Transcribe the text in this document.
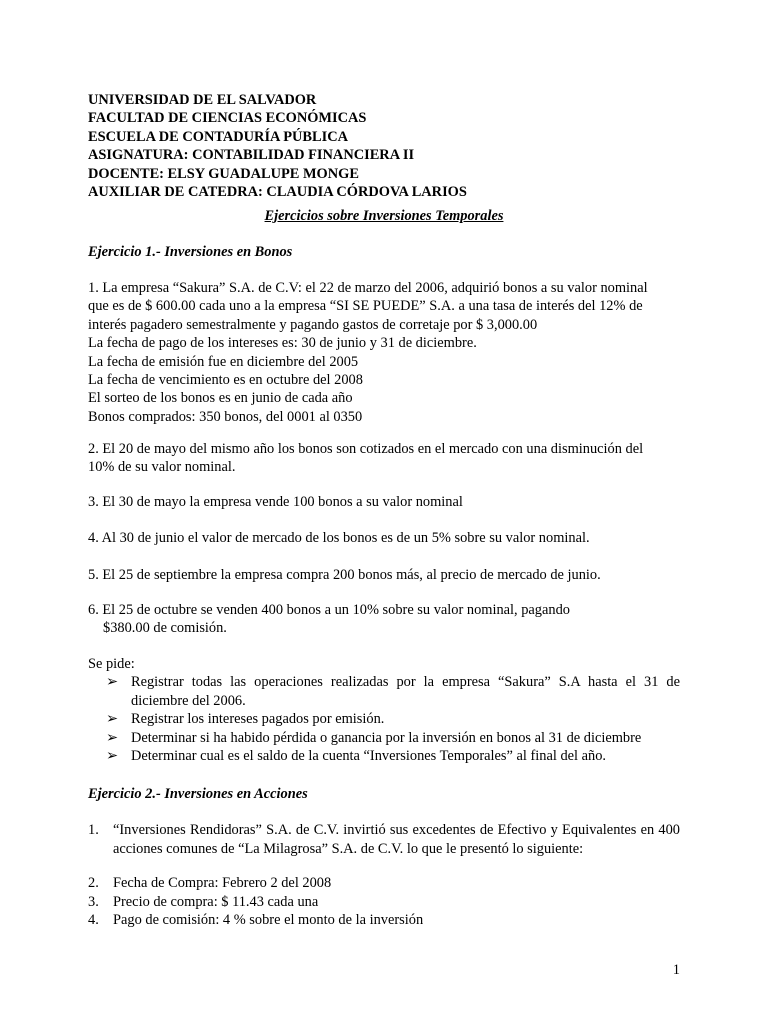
UNIVERSIDAD DE EL SALVADOR
FACULTAD DE CIENCIAS ECONÓMICAS
ESCUELA DE CONTADURÍA PÚBLICA
ASIGNATURA: CONTABILIDAD FINANCIERA II
DOCENTE: ELSY GUADALUPE MONGE
AUXILIAR DE CATEDRA: CLAUDIA CÓRDOVA LARIOS
Ejercicios sobre Inversiones Temporales
Ejercicio 1.- Inversiones en Bonos
1. La empresa “Sakura” S.A. de C.V: el 22 de marzo del 2006, adquirió bonos a su valor nominal
que es de $ 600.00 cada uno a la empresa “SI SE PUEDE” S.A. a una tasa de interés del 12% de
interés pagadero semestralmente y pagando gastos de corretaje por $ 3,000.00
La fecha de pago de los intereses es: 30 de junio y 31 de diciembre.
La fecha de emisión fue en diciembre del 2005
La fecha de vencimiento es en octubre del 2008
El sorteo de los bonos es en junio de cada año
Bonos comprados: 350 bonos, del 0001 al 0350
2. El 20 de mayo del mismo año los bonos son cotizados en el mercado con una disminución del
10% de su valor nominal.
3. El 30 de mayo la empresa vende 100 bonos a su valor nominal
4. Al 30 de junio el valor de mercado de los bonos es de un 5% sobre su valor nominal.
5. El 25 de septiembre la empresa compra 200 bonos más, al precio de mercado de junio.
6. El 25 de octubre se venden 400 bonos a un 10% sobre su valor nominal, pagando
$380.00 de comisión.
Se pide:
➢ Registrar todas las operaciones realizadas por la empresa “Sakura” S.A hasta el 31 de diciembre del 2006.
➢ Registrar los intereses pagados por emisión.
➢ Determinar si ha habido pérdida o ganancia por la inversión en bonos al 31 de diciembre
➢ Determinar cual es el saldo de la cuenta “Inversiones Temporales” al final del año.
Ejercicio 2.- Inversiones en Acciones
1. “Inversiones Rendidoras” S.A. de C.V. invirtió sus excedentes de Efectivo y Equivalentes en 400 acciones comunes de “La Milagrosa” S.A. de C.V. lo que le presentó lo siguiente:
2. Fecha de Compra: Febrero 2 del 2008
3. Precio de compra: $ 11.43 cada una
4. Pago de comisión: 4 % sobre el monto de la inversión
1
